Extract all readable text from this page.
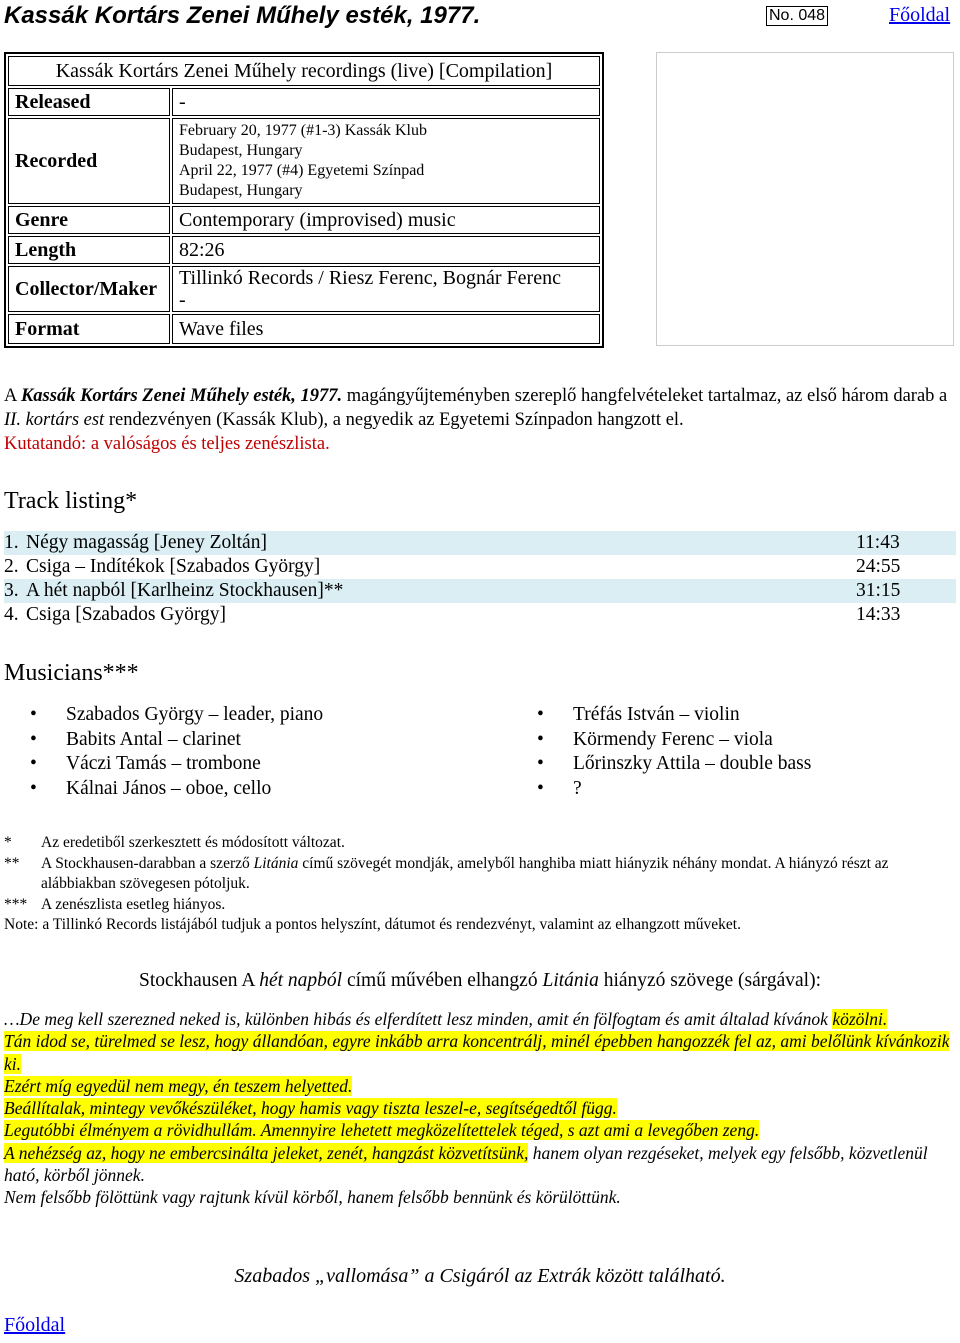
Kassák Kortárs Zenei Műhely esték, 1977.	No. 048	Főoldal
Kassák Kortárs Zenei Műhely recordings (live) [Compilation]	
Released	-
Recorded	February 20, 1977 (#1-3) Kassák Klub
Budapest, Hungary
April 22, 1977 (#4) Egyetemi Színpad
Budapest, Hungary

Genre	Contemporary (improvised) music
Length	82:26
Collector/Maker	Tillinkó Records / Riesz Ferenc, Bognár Ferenc
-

Format	Wave files
A Kassák Kortárs Zenei Műhely esték, 1977. magángyűjteményben szereplő hangfelvételeket tartalmaz, az első három darab a II. kortárs est rendezvényen (Kassák Klub), a negyedik az Egyetemi Színpadon hangzott el.
Kutatandó: a valóságos és teljes zenészlista.
Track listing*
1.	Négy magasság [Jeney Zoltán]	11:43
2.	Csiga – Indítékok [Szabados György]	24:55
3.	A hét napból [Karlheinz Stockhausen]**	31:15
4.	Csiga [Szabados György]	14:33
Musicians***
• Szabados György – leader, piano
• Babits Antal – clarinet
• Váczi Tamás – trombone
• Kálnai János – oboe, cello
• Tréfás István – violin
• Körmendy Ferenc – viola
• Lőrinszky Attila – double bass
• ?
*	Az eredetiből szerkesztett és módosított változat.
**	A Stockhausen-darabban a szerző Litánia című szövegét mondják, amelyből hanghiba miatt hiányzik néhány mondat. A hiányzó részt az alábbiakban szövegesen pótoljuk.
*** A zenészlista esetleg hiányos.
Note: a Tillinkó Records listájából tudjuk a pontos helyszínt, dátumot és rendezvényt, valamint az elhangzott műveket.
Stockhausen A hét napból című művében elhangzó Litánia hiányzó szövege (sárgával):
…De meg kell szerezned neked is, különben hibás és elferdített lesz minden, amit én fölfogtam és amit általad kívánok közölni.
Tán idod se, türelmed se lesz, hogy állandóan, egyre inkább arra koncentrálj, minél épebben hangozzék fel az, ami belőlünk kívánkozik ki.
Ezért míg egyedül nem megy, én teszem helyetted.
Beállítalak, mintegy vevőkészüléket, hogy hamis vagy tiszta leszel-e, segítségedtől függ.
Legutóbbi élményem a rövidhullám. Amennyire lehetett megközelítettelek téged, s azt ami a levegőben zeng.
A nehézség az, hogy ne embercsinálta jeleket, zenét, hangzást közvetítsünk, hanem olyan rezgéseket, melyek egy felsőbb, közvetlenül ható, körből jönnek.
Nem felsőbb fölöttünk vagy rajtunk kívül körből, hanem felsőbb bennünk és körülöttünk.
Szabados „vallomása” a Csigáról az Extrák között található.
Főoldal
